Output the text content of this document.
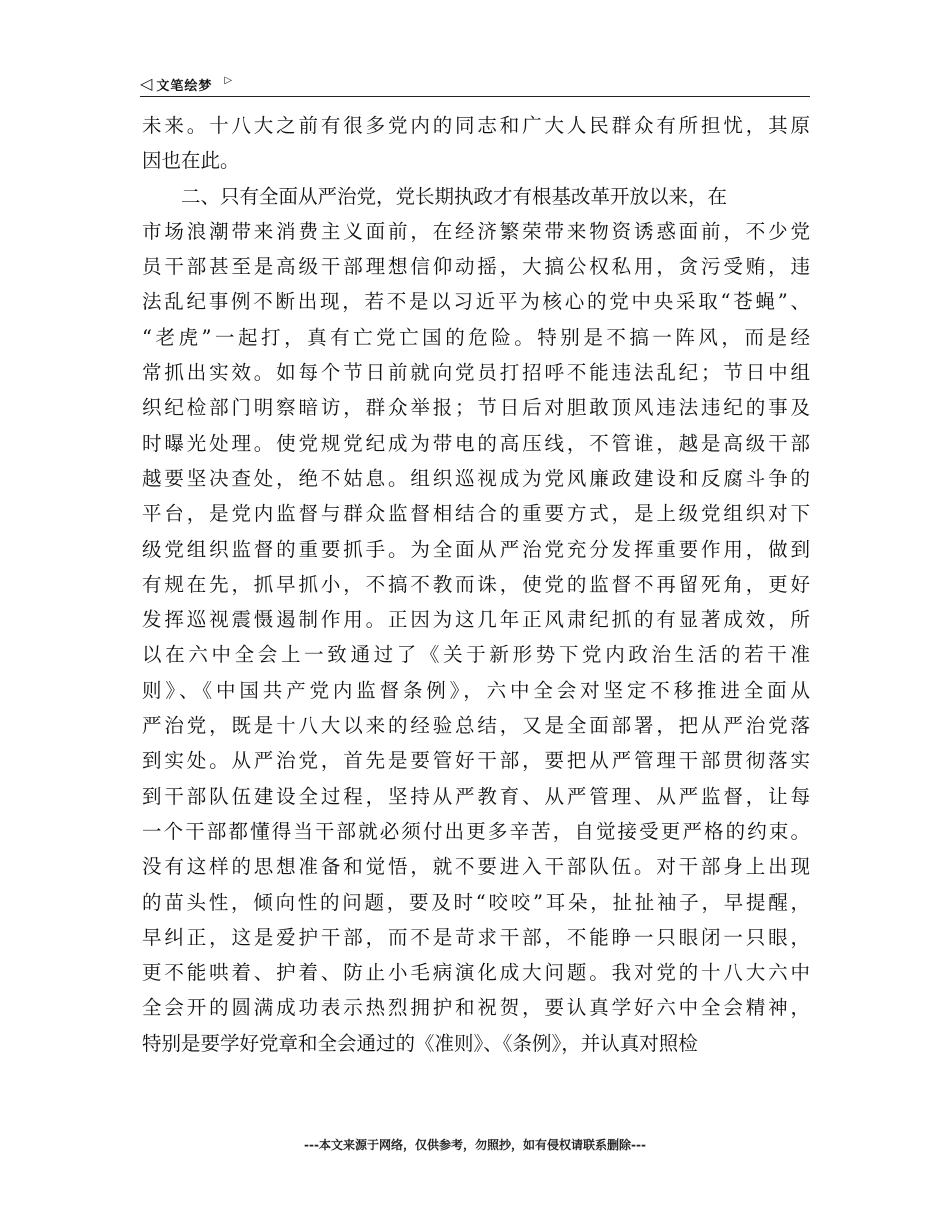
◁ 文笔绘梦 ▷
未来。十八大之前有很多党内的同志和广大人民群众有所担忧，其原
因也在此。
　　二、只有全面从严治党，党长期执政才有根基改革开放以来，在
市场浪潮带来消费主义面前，在经济繁荣带来物资诱惑面前，不少党
员干部甚至是高级干部理想信仰动摇，大搞公权私用，贪污受贿，违
法乱纪事例不断出现，若不是以习近平为核心的党中央采取“苍蝇”、
“老虎”一起打，真有亡党亡国的危险。特别是不搞一阵风，而是经
常抓出实效。如每个节日前就向党员打招呼不能违法乱纪；节日中组
织纪检部门明察暗访，群众举报；节日后对胆敢顶风违法违纪的事及
时曝光处理。使党规党纪成为带电的高压线，不管谁，越是高级干部
越要坚决查处，绝不姑息。组织巡视成为党风廉政建设和反腐斗争的
平台，是党内监督与群众监督相结合的重要方式，是上级党组织对下
级党组织监督的重要抓手。为全面从严治党充分发挥重要作用，做到
有规在先，抓早抓小，不搞不教而诛，使党的监督不再留死角，更好
发挥巡视震慑遏制作用。正因为这几年正风肃纪抓的有显著成效，所
以在六中全会上一致通过了《关于新形势下党内政治生活的若干准
则》、《中国共产党内监督条例》，六中全会对坚定不移推进全面从
严治党，既是十八大以来的经验总结，又是全面部署，把从严治党落
到实处。从严治党，首先是要管好干部，要把从严管理干部贯彻落实
到干部队伍建设全过程，坚持从严教育、从严管理、从严监督，让每
一个干部都懂得当干部就必须付出更多辛苦，自觉接受更严格的约束。
没有这样的思想准备和觉悟，就不要进入干部队伍。对干部身上出现
的苗头性，倾向性的问题，要及时“咬咬”耳朵，扯扯袖子，早提醒，
早纠正，这是爱护干部，而不是苛求干部，不能睁一只眼闭一只眼，
更不能哄着、护着、防止小毛病演化成大问题。我对党的十八大六中
全会开的圆满成功表示热烈拥护和祝贺，要认真学好六中全会精神，
特别是要学好党章和全会通过的《准则》、《条例》，并认真对照检
---本文来源于网络，仅供参考，勿照抄，如有侵权请联系删除---
